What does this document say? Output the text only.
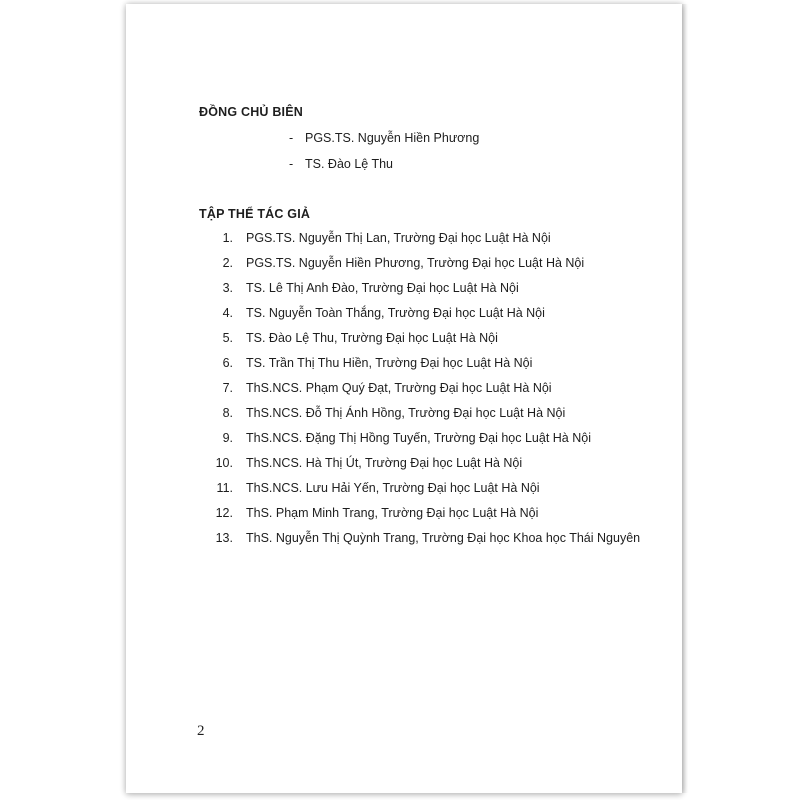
ĐỒNG CHỦ BIÊN
- PGS.TS. Nguyễn Hiền Phương
- TS. Đào Lệ Thu
TẬP THỂ TÁC GIẢ
1. PGS.TS. Nguyễn Thị Lan, Trường Đại học Luật Hà Nội
2. PGS.TS. Nguyễn Hiền Phương, Trường Đại học Luật Hà Nội
3. TS. Lê Thị Anh Đào, Trường Đại học Luật Hà Nội
4. TS. Nguyễn Toàn Thắng, Trường Đại học Luật Hà Nội
5. TS. Đào Lệ Thu, Trường Đại học Luật Hà Nội
6. TS. Trần Thị Thu Hiền, Trường Đại học Luật Hà Nội
7. ThS.NCS. Phạm Quý Đạt, Trường Đại học Luật Hà Nội
8. ThS.NCS. Đỗ Thị Ánh Hồng, Trường Đại học Luật Hà Nội
9. ThS.NCS. Đặng Thị Hồng Tuyến, Trường Đại học Luật Hà Nội
10. ThS.NCS. Hà Thị Út, Trường Đại học Luật Hà Nội
11. ThS.NCS. Lưu Hải Yến, Trường Đại học Luật Hà Nội
12. ThS. Phạm Minh Trang, Trường Đại học Luật Hà Nội
13. ThS. Nguyễn Thị Quỳnh Trang, Trường Đại học Khoa học Thái Nguyên
2
